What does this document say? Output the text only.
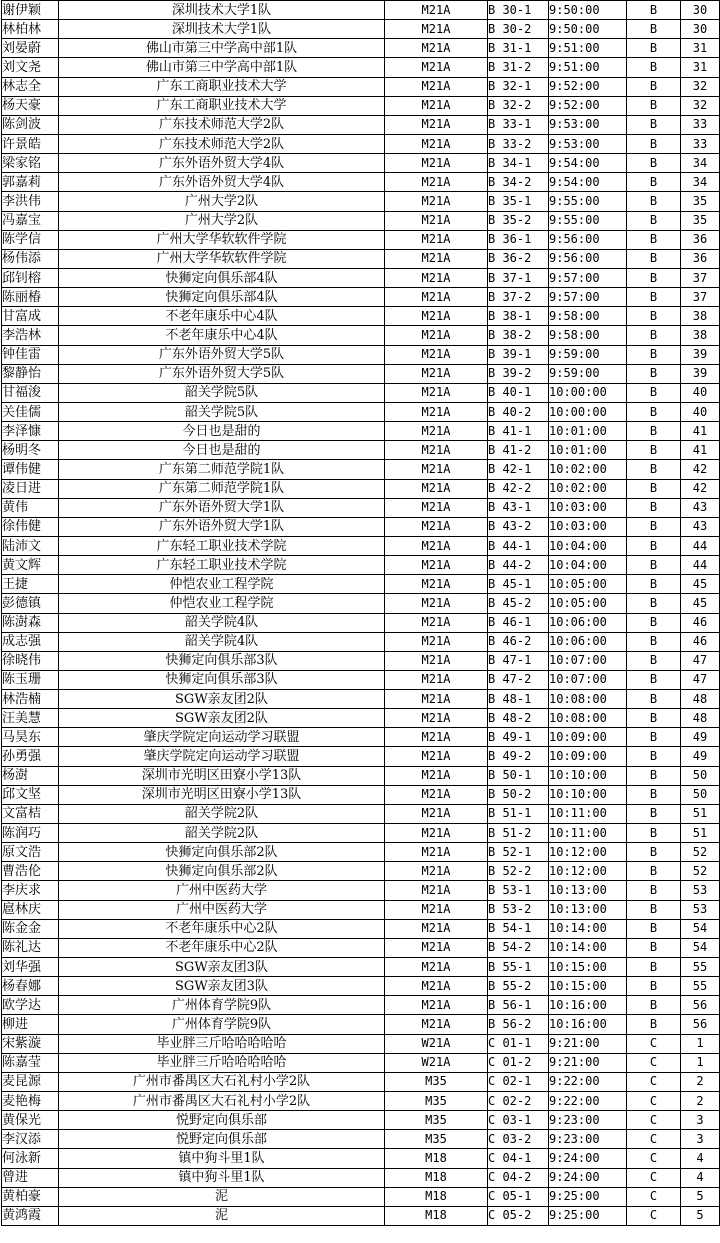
谢伊颖	深圳技术大学1队	M21A	B 30-1	9:50:00	B	30
林柏林	深圳技术大学1队	M21A	B 30-2	9:50:00	B	30
刘晏蔚	佛山市第三中学高中部1队	M21A	B 31-1	9:51:00	B	31
刘文尧	佛山市第三中学高中部1队	M21A	B 31-2	9:51:00	B	31
林志全	广东工商职业技术大学	M21A	B 32-1	9:52:00	B	32
杨天豪	广东工商职业技术大学	M21A	B 32-2	9:52:00	B	32
陈剑波	广东技术师范大学2队	M21A	B 33-1	9:53:00	B	33
许景皓	广东技术师范大学2队	M21A	B 33-2	9:53:00	B	33
梁家铭	广东外语外贸大学4队	M21A	B 34-1	9:54:00	B	34
郭嘉莉	广东外语外贸大学4队	M21A	B 34-2	9:54:00	B	34
李洪伟	广州大学2队	M21A	B 35-1	9:55:00	B	35
冯嘉宝	广州大学2队	M21A	B 35-2	9:55:00	B	35
陈学信	广州大学华软软件学院	M21A	B 36-1	9:56:00	B	36
杨伟添	广州大学华软软件学院	M21A	B 36-2	9:56:00	B	36
邱钊榕	快狮定向俱乐部4队	M21A	B 37-1	9:57:00	B	37
陈丽椿	快狮定向俱乐部4队	M21A	B 37-2	9:57:00	B	37
甘富成	不老年康乐中心4队	M21A	B 38-1	9:58:00	B	38
李浩林	不老年康乐中心4队	M21A	B 38-2	9:58:00	B	38
钟佳雷	广东外语外贸大学5队	M21A	B 39-1	9:59:00	B	39
黎静怡	广东外语外贸大学5队	M21A	B 39-2	9:59:00	B	39
甘福浚	韶关学院5队	M21A	B 40-1	10:00:00	B	40
关佳儒	韶关学院5队	M21A	B 40-2	10:00:00	B	40
李泽慷	今日也是甜的	M21A	B 41-1	10:01:00	B	41
杨明冬	今日也是甜的	M21A	B 41-2	10:01:00	B	41
谭伟健	广东第二师范学院1队	M21A	B 42-1	10:02:00	B	42
凌日进	广东第二师范学院1队	M21A	B 42-2	10:02:00	B	42
黄伟	广东外语外贸大学1队	M21A	B 43-1	10:03:00	B	43
徐伟健	广东外语外贸大学1队	M21A	B 43-2	10:03:00	B	43
陆沛文	广东轻工职业技术学院	M21A	B 44-1	10:04:00	B	44
黄文辉	广东轻工职业技术学院	M21A	B 44-2	10:04:00	B	44
王捷	仲恺农业工程学院	M21A	B 45-1	10:05:00	B	45
彭德镇	仲恺农业工程学院	M21A	B 45-2	10:05:00	B	45
陈澍森	韶关学院4队	M21A	B 46-1	10:06:00	B	46
成志强	韶关学院4队	M21A	B 46-2	10:06:00	B	46
徐晓伟	快狮定向俱乐部3队	M21A	B 47-1	10:07:00	B	47
陈玉珊	快狮定向俱乐部3队	M21A	B 47-2	10:07:00	B	47
林浩楠	SGW亲友团2队	M21A	B 48-1	10:08:00	B	48
汪美慧	SGW亲友团2队	M21A	B 48-2	10:08:00	B	48
马昊东	肇庆学院定向运动学习联盟	M21A	B 49-1	10:09:00	B	49
孙勇强	肇庆学院定向运动学习联盟	M21A	B 49-2	10:09:00	B	49
杨澍	深圳市光明区田寮小学13队	M21A	B 50-1	10:10:00	B	50
邱文坚	深圳市光明区田寮小学13队	M21A	B 50-2	10:10:00	B	50
文富桔	韶关学院2队	M21A	B 51-1	10:11:00	B	51
陈润巧	韶关学院2队	M21A	B 51-2	10:11:00	B	51
原文浩	快狮定向俱乐部2队	M21A	B 52-1	10:12:00	B	52
曹浩伦	快狮定向俱乐部2队	M21A	B 52-2	10:12:00	B	52
李庆求	广州中医药大学	M21A	B 53-1	10:13:00	B	53
扈林庆	广州中医药大学	M21A	B 53-2	10:13:00	B	53
陈金金	不老年康乐中心2队	M21A	B 54-1	10:14:00	B	54
陈礼达	不老年康乐中心2队	M21A	B 54-2	10:14:00	B	54
刘华强	SGW亲友团3队	M21A	B 55-1	10:15:00	B	55
杨春娜	SGW亲友团3队	M21A	B 55-2	10:15:00	B	55
欧学达	广州体育学院9队	M21A	B 56-1	10:16:00	B	56
柳进	广州体育学院9队	M21A	B 56-2	10:16:00	B	56
宋紫漩	毕业胖三斤哈哈哈哈哈	W21A	C 01-1	9:21:00	C	1
陈嘉莹	毕业胖三斤哈哈哈哈哈	W21A	C 01-2	9:21:00	C	1
麦昆源	广州市番禺区大石礼村小学2队	M35	C 02-1	9:22:00	C	2
麦艳梅	广州市番禺区大石礼村小学2队	M35	C 02-2	9:22:00	C	2
黄保光	悦野定向俱乐部	M35	C 03-1	9:23:00	C	3
李汉添	悦野定向俱乐部	M35	C 03-2	9:23:00	C	3
何泳新	镇中狗斗里1队	M18	C 04-1	9:24:00	C	4
曾进	镇中狗斗里1队	M18	C 04-2	9:24:00	C	4
黄柏豪	泥	M18	C 05-1	9:25:00	C	5
黄鸿霞	泥	M18	C 05-2	9:25:00	C	5
